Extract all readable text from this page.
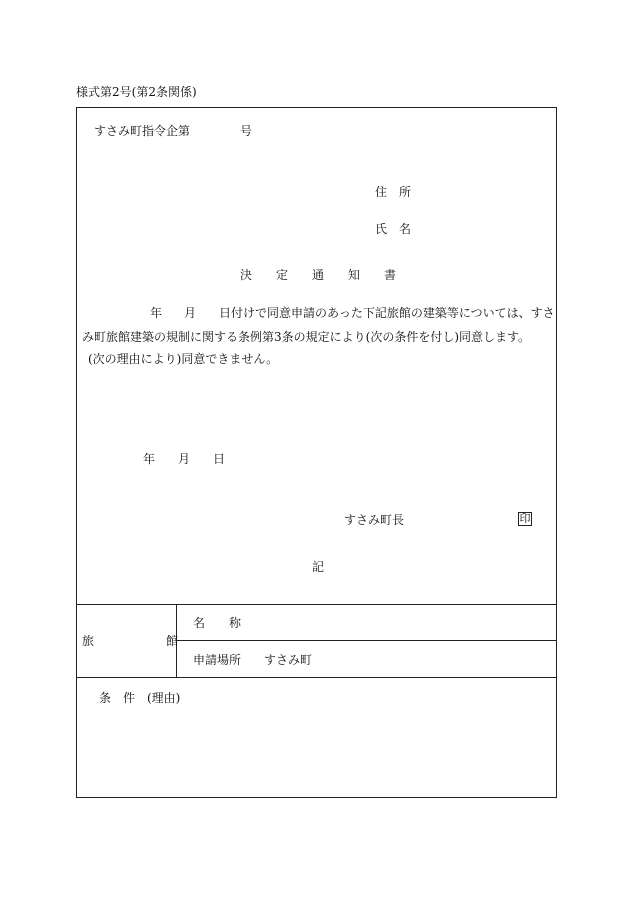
様式第2号(第2条関係)
すさみ町指令企第	号
住　所
氏　名
決　　定　　通　　知　　書
年 月 日付けで同意申請のあった下記旅館の建築等については、すさ
み町旅館建築の規制に関する条例第3条の規定により(次の条件を付し)同意します。
(次の理由により)同意できません。
年 月 日
すさみ町長	印
記
旅　　　　　　館
名　　称
申請場所 すさみ町
条　件　(理由)
